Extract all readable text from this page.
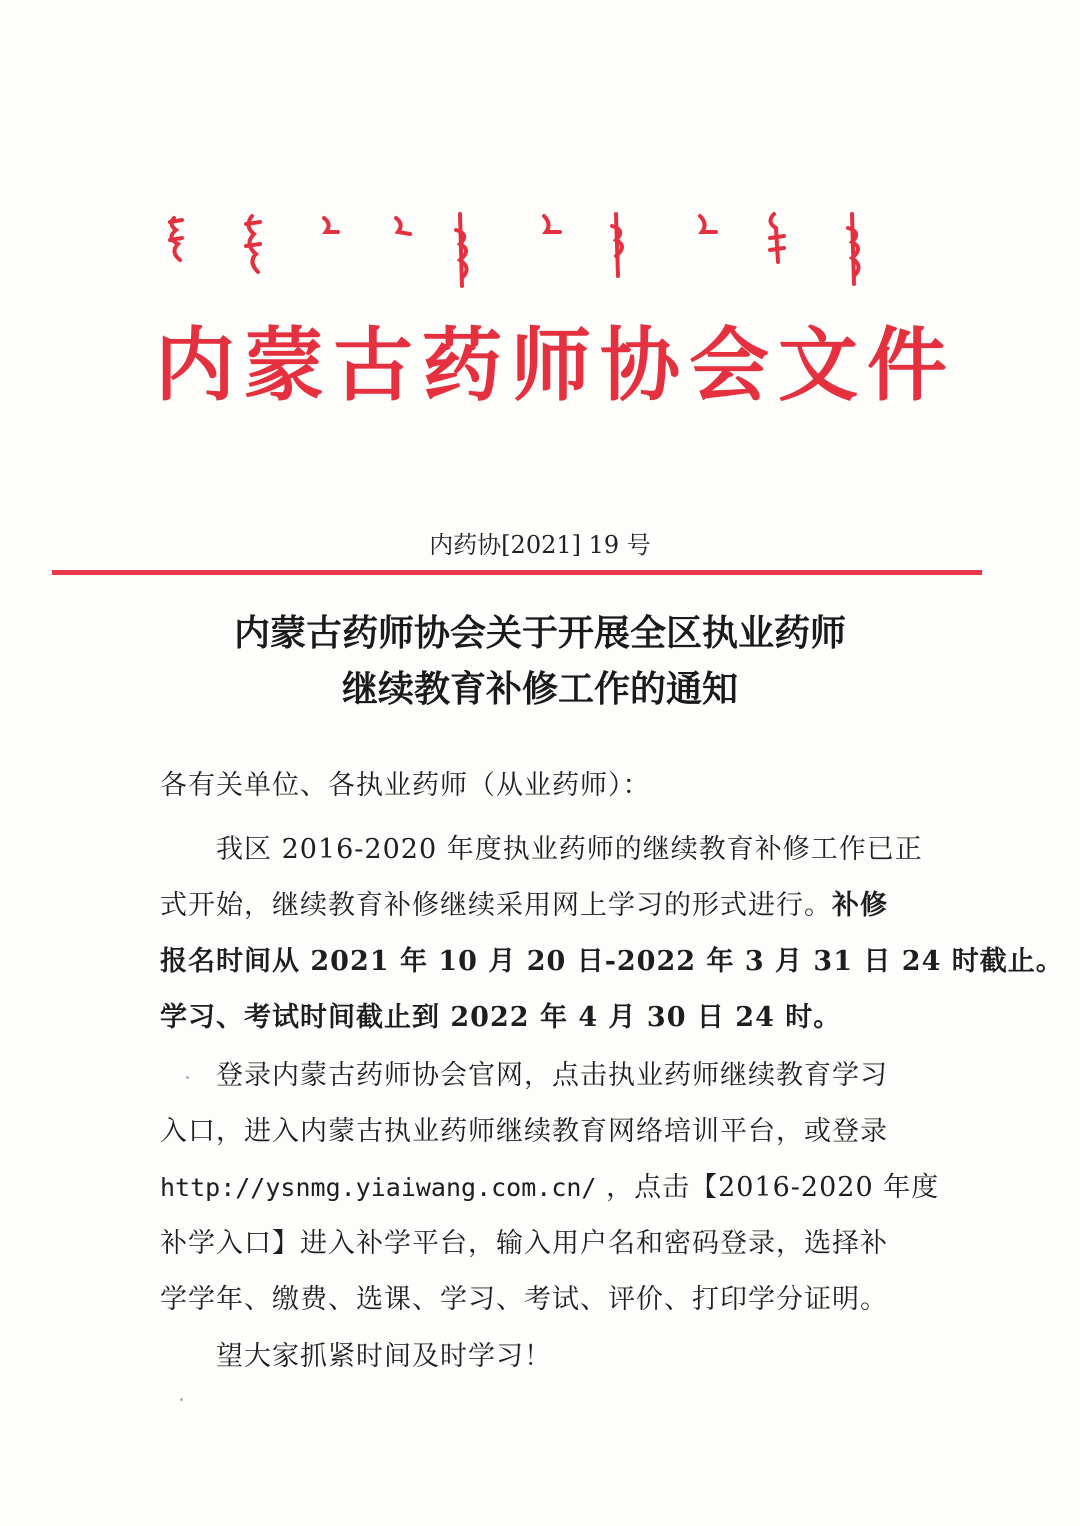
内蒙古药师协会文件
内药协[2021] 19 号
内蒙古药师协会关于开展全区执业药师
继续教育补修工作的通知
各有关单位、各执业药师（从业药师）：
我区 2016-2020 年度执业药师的继续教育补修工作已正
式开始，继续教育补修继续采用网上学习的形式进行。补修
报名时间从 2021 年 10 月 20 日-2022 年 3 月 31 日 24 时截止。
学习、考试时间截止到 2022 年 4 月 30 日 24 时。
登录内蒙古药师协会官网，点击执业药师继续教育学习
入口，进入内蒙古执业药师继续教育网络培训平台，或登录
http://ysnmg.yiaiwang.com.cn/ ，点击【2016-2020 年度
补学入口】进入补学平台，输入用户名和密码登录，选择补
学学年、缴费、选课、学习、考试、评价、打印学分证明。
望大家抓紧时间及时学习！
